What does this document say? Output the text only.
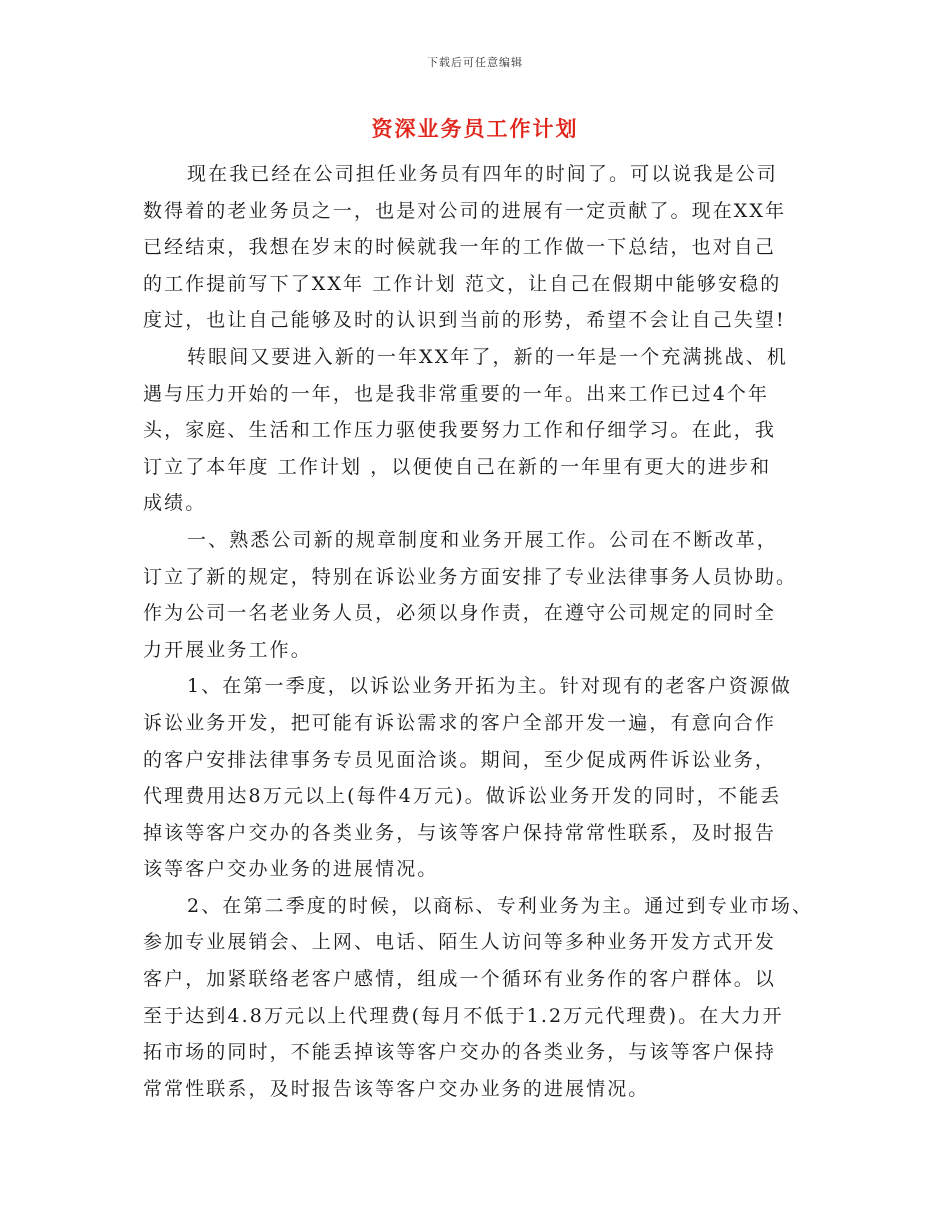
下载后可任意编辑
资深业务员工作计划
现在我已经在公司担任业务员有四年的时间了。可以说我是公司
数得着的老业务员之一，也是对公司的进展有一定贡献了。现在XX年
已经结束，我想在岁末的时候就我一年的工作做一下总结，也对自己
的工作提前写下了XX年 工作计划 范文，让自己在假期中能够安稳的
度过，也让自己能够及时的认识到当前的形势，希望不会让自己失望!
转眼间又要进入新的一年XX年了，新的一年是一个充满挑战、机
遇与压力开始的一年，也是我非常重要的一年。出来工作已过4个年
头，家庭、生活和工作压力驱使我要努力工作和仔细学习。在此，我
订立了本年度 工作计划 ，以便使自己在新的一年里有更大的进步和
成绩。
一、熟悉公司新的规章制度和业务开展工作。公司在不断改革，
订立了新的规定，特别在诉讼业务方面安排了专业法律事务人员协助。
作为公司一名老业务人员，必须以身作责，在遵守公司规定的同时全
力开展业务工作。
1、在第一季度，以诉讼业务开拓为主。针对现有的老客户资源做
诉讼业务开发，把可能有诉讼需求的客户全部开发一遍，有意向合作
的客户安排法律事务专员见面洽谈。期间，至少促成两件诉讼业务，
代理费用达8万元以上(每件4万元)。做诉讼业务开发的同时，不能丢
掉该等客户交办的各类业务，与该等客户保持常常性联系，及时报告
该等客户交办业务的进展情况。
2、在第二季度的时候，以商标、专利业务为主。通过到专业市场、
参加专业展销会、上网、电话、陌生人访问等多种业务开发方式开发
客户，加紧联络老客户感情，组成一个循环有业务作的客户群体。以
至于达到4.8万元以上代理费(每月不低于1.2万元代理费)。在大力开
拓市场的同时，不能丢掉该等客户交办的各类业务，与该等客户保持
常常性联系，及时报告该等客户交办业务的进展情况。
